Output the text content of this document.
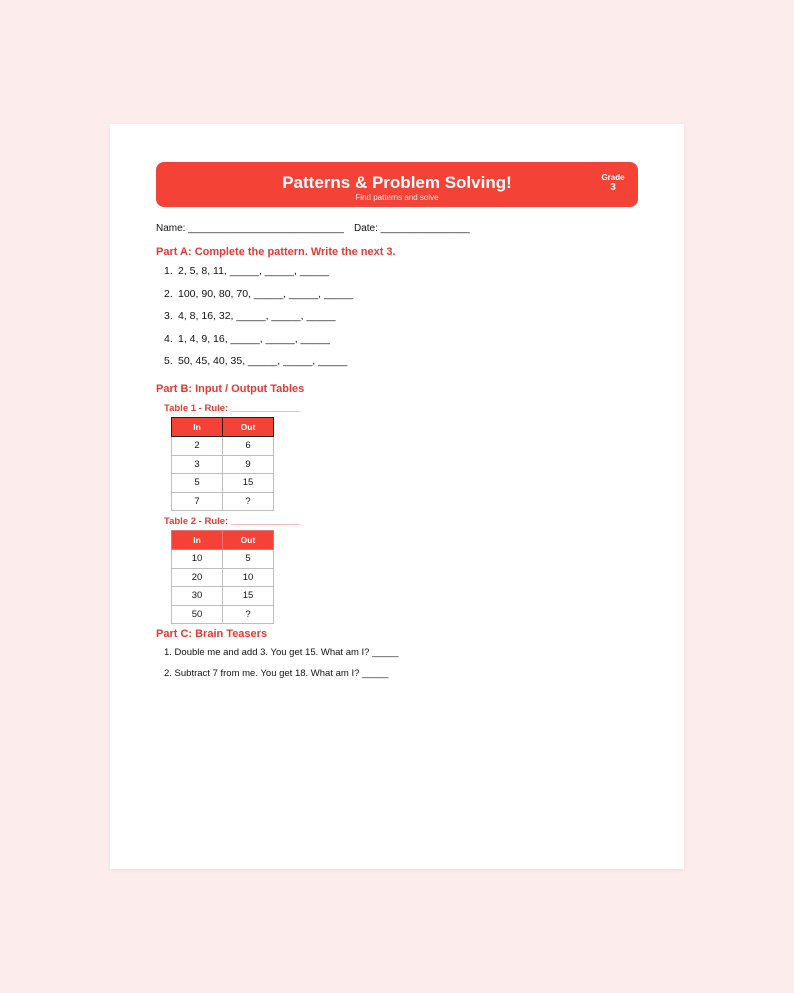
Patterns & Problem Solving!
Find patterns and solve
Grade
3
Name: ____________________________ Date: ________________
Part A: Complete the pattern. Write the next 3.
1. 2, 5, 8, 11, _____, _____, _____
2. 100, 90, 80, 70, _____, _____, _____
3. 4, 8, 16, 32, _____, _____, _____
4. 1, 4, 9, 16, _____, _____, _____
5. 50, 45, 40, 35, _____, _____, _____
Part B: Input / Output Tables
Table 1 - Rule: _____________
In	Out
2	6
3	9
5	15
7	?
Table 2 - Rule: _____________
In	Out
10	5
20	10
30	15
50	?
Part C: Brain Teasers
1. Double me and add 3. You get 15. What am I? _____
2. Subtract 7 from me. You get 18. What am I? _____
